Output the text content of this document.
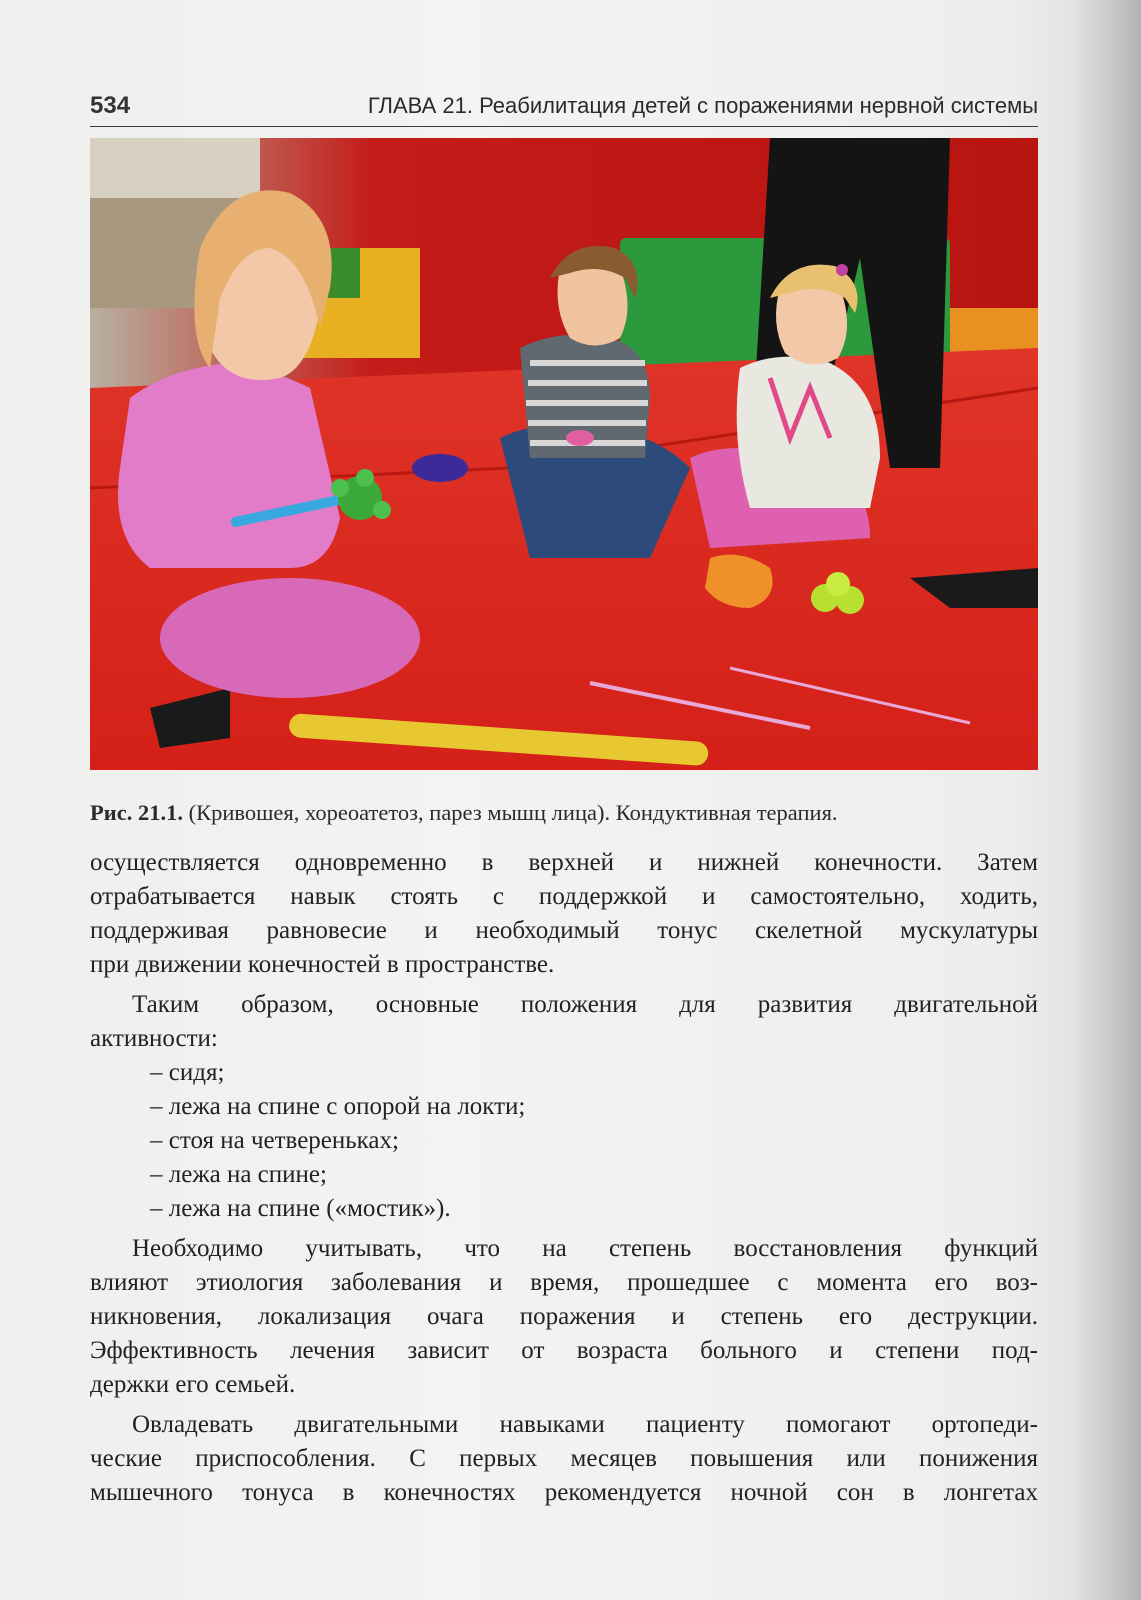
534	ГЛАВА 21. Реабилитация детей с поражениями нервной системы
Рис. 21.1. (Кривошея, хореоатетоз, парез мышц лица). Кондуктивная терапия.
осуществляется одновременно в верхней и нижней конечности. Затем
отрабатывается навык стоять с поддержкой и самостоятельно, ходить,
поддерживая равновесие и необходимый тонус скелетной мускулатуры
при движении конечностей в пространстве.
Таким образом, основные положения для развития двигательной
активности:
– сидя;
– лежа на спине с опорой на локти;
– стоя на четвереньках;
– лежа на спине;
– лежа на спине («мостик»).
Необходимо учитывать, что на степень восстановления функций
влияют этиология заболевания и время, прошедшее с момента его воз-
никновения, локализация очага поражения и степень его деструкции.
Эффективность лечения зависит от возраста больного и степени под-
держки его семьей.
Овладевать двигательными навыками пациенту помогают ортопеди-
ческие приспособления. С первых месяцев повышения или понижения
мышечного тонуса в конечностях рекомендуется ночной сон в лонгетах
